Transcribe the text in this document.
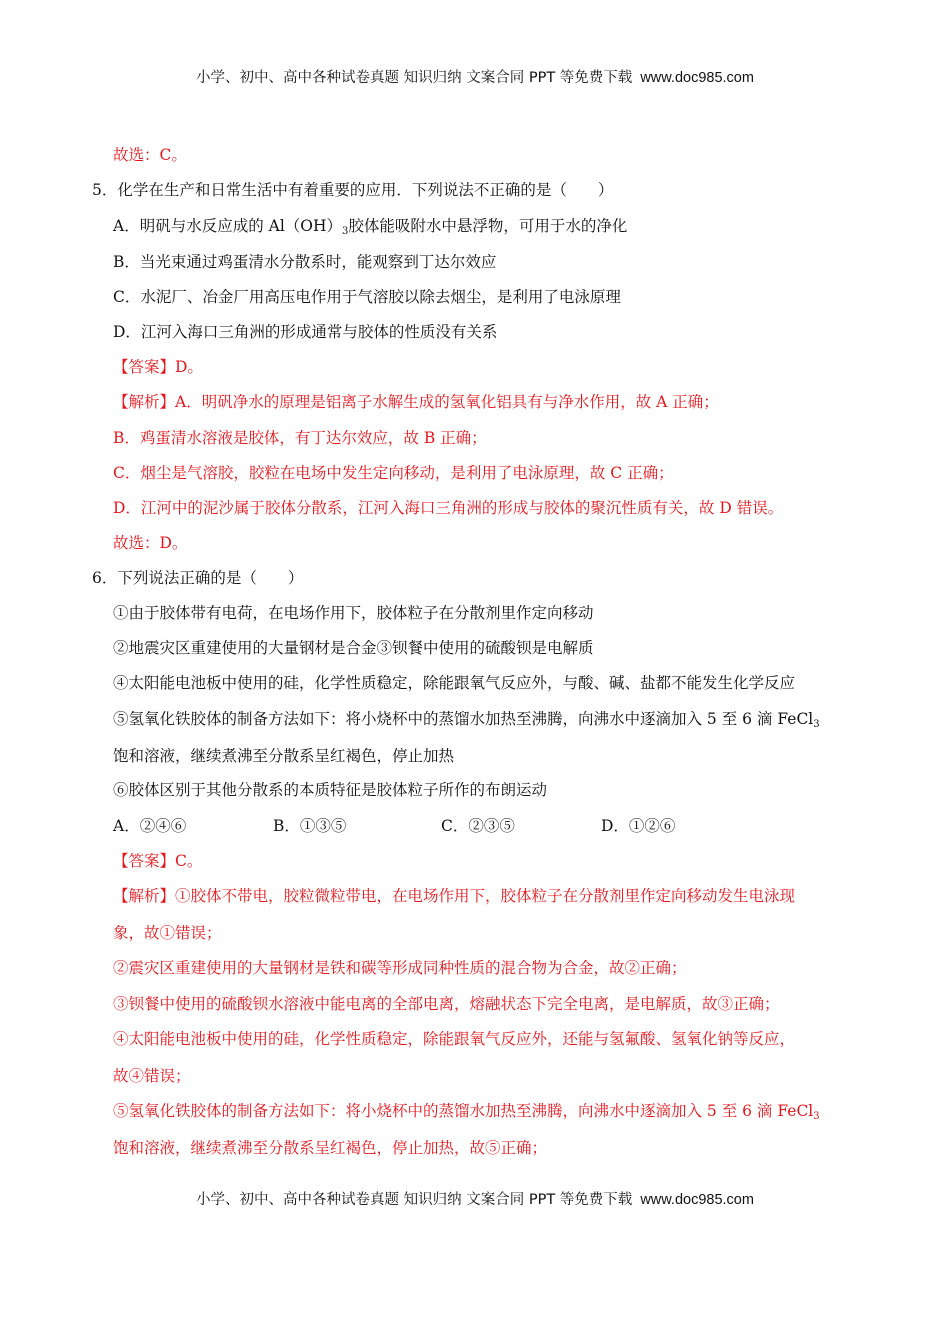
小学、初中、高中各种试卷真题 知识归纳 文案合同 PPT 等免费下载 www.doc985.com
故选：C。
5．化学在生产和日常生活中有着重要的应用．下列说法不正确的是（　　）
A．明矾与水反应成的 $Al(OH)_3$胶体能吸附水中悬浮物，可用于水的净化
B．当光束通过鸡蛋清水分散系时，能观察到丁达尔效应
C．水泥厂、冶金厂用高压电作用于气溶胶以除去烟尘，是利用了电泳原理
D．江河入海口三角洲的形成通常与胶体的性质没有关系
【答案】D。
【解析】A．明矾净水的原理是铝离子水解生成的氢氧化铝具有与净水作用，故 A 正确；
B．鸡蛋清水溶液是胶体，有丁达尔效应，故 B 正确；
C．烟尘是气溶胶，胶粒在电场中发生定向移动，是利用了电泳原理，故 C 正确；
D．江河中的泥沙属于胶体分散系，江河入海口三角洲的形成与胶体的聚沉性质有关，故 D 错误。
故选：D。
6．下列说法正确的是（　　）
①由于胶体带有电荷，在电场作用下，胶体粒子在分散剂里作定向移动
②地震灾区重建使用的大量钢材是合金③钡餐中使用的硫酸钡是电解质
④太阳能电池板中使用的硅，化学性质稳定，除能跟氧气反应外，与酸、碱、盐都不能发生化学反应
⑤氢氧化铁胶体的制备方法如下：将小烧杯中的蒸馏水加热至沸腾，向沸水中逐滴加入 5 至 6 滴 FeCl$_3$
饱和溶液，继续煮沸至分散系呈红褐色，停止加热
⑥胶体区别于其他分散系的本质特征是胶体粒子所作的布朗运动
A．②④⑥	B．①③⑤	C．②③⑤	D．①②⑥
【答案】C。
【解析】①胶体不带电，胶粒微粒带电，在电场作用下，胶体粒子在分散剂里作定向移动发生电泳现
象，故①错误；
②震灾区重建使用的大量钢材是铁和碳等形成同种性质的混合物为合金，故②正确；
③钡餐中使用的硫酸钡水溶液中能电离的全部电离，熔融状态下完全电离，是电解质，故③正确；
④太阳能电池板中使用的硅，化学性质稳定，除能跟氧气反应外，还能与氢氟酸、氢氧化钠等反应，
故④错误；
⑤氢氧化铁胶体的制备方法如下：将小烧杯中的蒸馏水加热至沸腾，向沸水中逐滴加入 5 至 6 滴 FeCl$_3$
饱和溶液，继续煮沸至分散系呈红褐色，停止加热，故⑤正确；
小学、初中、高中各种试卷真题 知识归纳 文案合同 PPT 等免费下载 www.doc985.com
